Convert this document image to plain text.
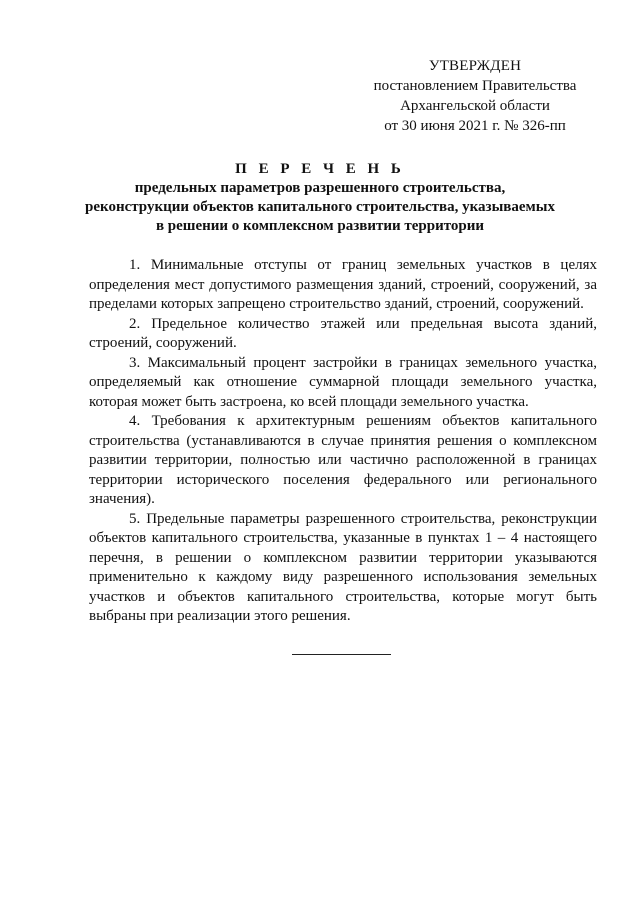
УТВЕРЖДЕН
постановлением Правительства
Архангельской области
от 30 июня 2021 г. № 326-пп
П Е Р Е Ч Е Н Ь
предельных параметров разрешенного строительства,
реконструкции объектов капитального строительства, указываемых
в решении о комплексном развитии территории

1. Минимальные отступы от границ земельных участков в целях определения мест допустимого размещения зданий, строений, сооружений, за пределами которых запрещено строительство зданий, строений, сооружений.

2. Предельное количество этажей или предельная высота зданий, строений, сооружений.

3. Максимальный процент застройки в границах земельного участка, определяемый как отношение суммарной площади земельного участка, которая может быть застроена, ко всей площади земельного участка.

4. Требования к архитектурным решениям объектов капитального строительства (устанавливаются в случае принятия решения о комплексном развитии территории, полностью или частично расположенной в границах территории исторического поселения федерального или регионального значения).

5. Предельные параметры разрешенного строительства, реконструкции объектов капитального строительства, указанные в пунктах 1 – 4 настоящего перечня, в решении о комплексном развитии территории указываются применительно к каждому виду разрешенного использования земельных участков и объектов капитального строительства, которые могут быть выбраны при реализации этого решения.
